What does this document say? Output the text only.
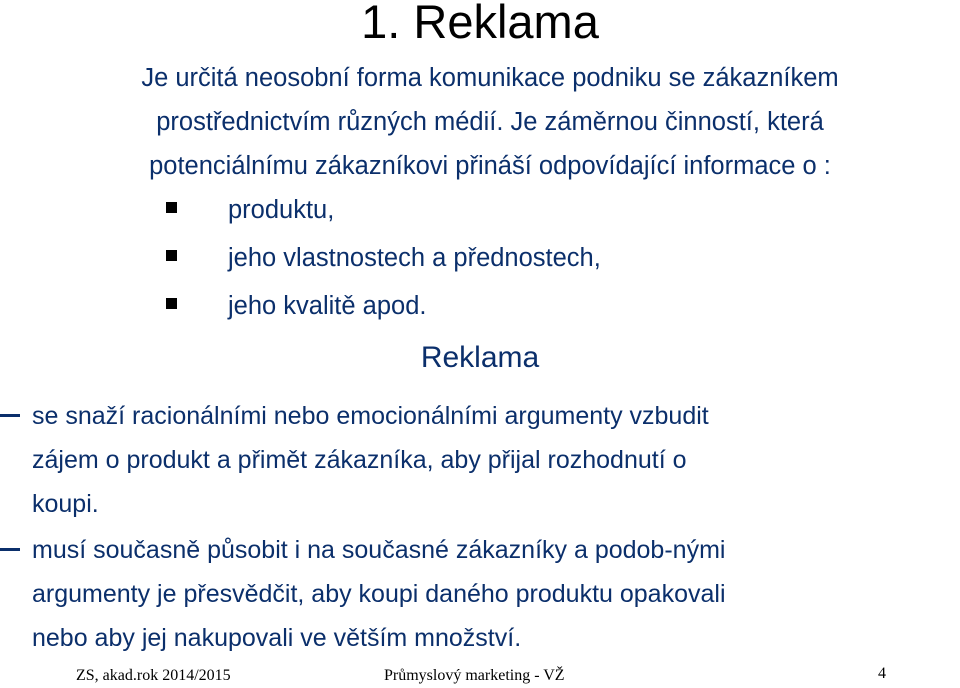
1. Reklama
Je určitá neosobní forma komunikace podniku se zákazníkem
prostřednictvím různých médií. Je záměrnou činností, která
potenciálnímu zákazníkovi přináší odpovídající informace o :
produktu,
jeho vlastnostech a přednostech,
jeho kvalitě apod.
Reklama
se snaží racionálními nebo emocionálními argumenty vzbudit
zájem o produkt a přimět zákazníka, aby přijal rozhodnutí o
koupi.
musí současně působit i na současné zákazníky a podob-nými
argumenty je přesvědčit, aby koupi daného produktu opakovali
nebo aby jej nakupovali ve větším množství.
ZS, akad.rok 2014/2015	Průmyslový marketing - VŽ	4
